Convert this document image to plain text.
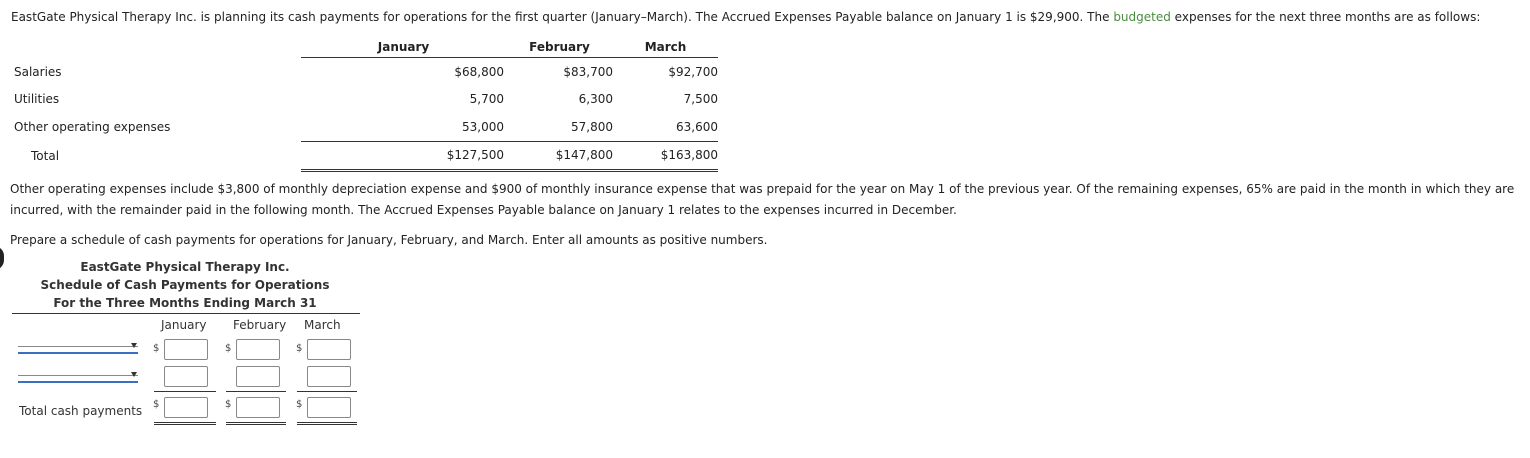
EastGate Physical Therapy Inc. is planning its cash payments for operations for the first quarter (January–March). The Accrued Expenses Payable balance on January 1 is $29,900. The budgeted expenses for the next three months are as follows:
	January	February	March
Salaries	$68,800	$83,700	$92,700
Utilities	5,700	6,300	7,500
Other operating expenses	53,000	57,800	63,600
Total	$127,500	$147,800	$163,800
Other operating expenses include $3,800 of monthly depreciation expense and $900 of monthly insurance expense that was prepaid for the year on May 1 of the previous year. Of the remaining expenses, 65% are paid in the month in which they are incurred, with the remainder paid in the following month. The Accrued Expenses Payable balance on January 1 relates to the expenses incurred in December.
Prepare a schedule of cash payments for operations for January, February, and March. Enter all amounts as positive numbers.
EastGate Physical Therapy Inc.
Schedule of Cash Payments for Operations
For the Three Months Ending March 31
January February March
$	$	$
Total cash payments $	$	$
